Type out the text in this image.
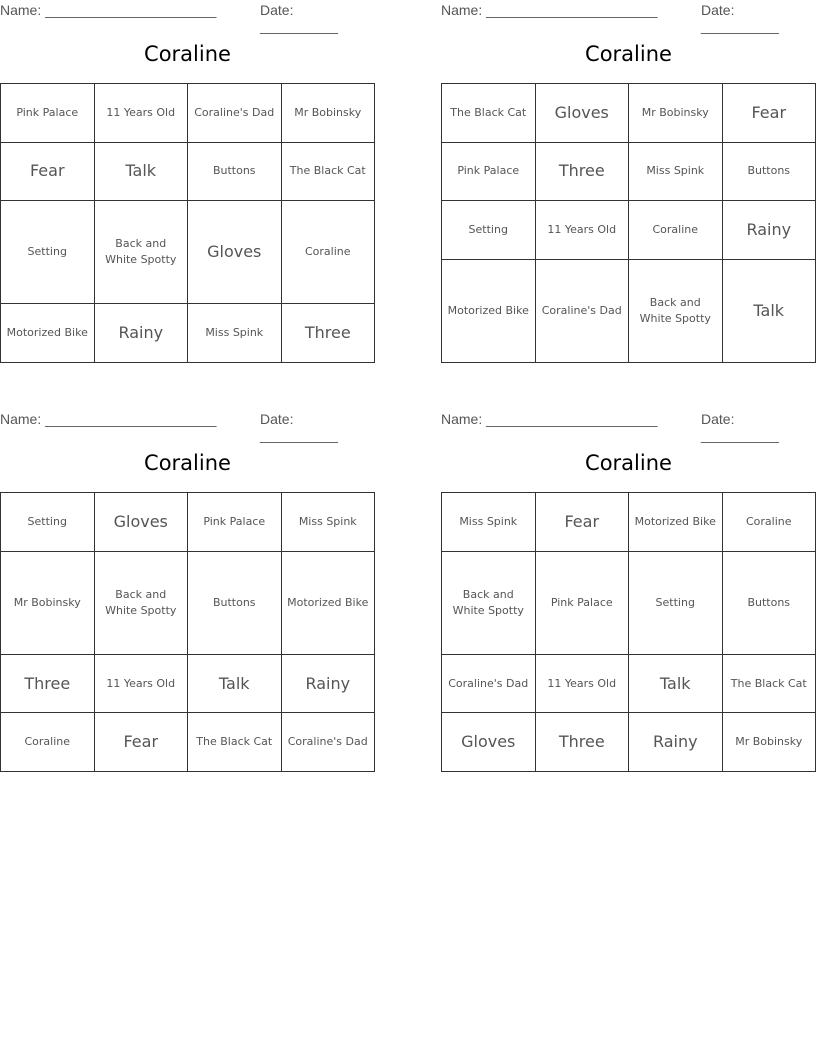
Name: ______________________	Date: __________
Coraline
Pink Palace	11 Years Old	Coraline's Dad	Mr Bobinsky
Fear	Talk	Buttons	The Black Cat
Setting	Back and White Spotty	Gloves	Coraline
Motorized Bike	Rainy	Miss Spink	Three
Name: ______________________	Date: __________
Coraline
The Black Cat	Gloves	Mr Bobinsky	Fear
Pink Palace	Three	Miss Spink	Buttons
Setting	11 Years Old	Coraline	Rainy
Motorized Bike	Coraline's Dad	Back and White Spotty	Talk
Name: ______________________	Date: __________
Coraline
Setting	Gloves	Pink Palace	Miss Spink
Mr Bobinsky	Back and White Spotty	Buttons	Motorized Bike
Three	11 Years Old	Talk	Rainy
Coraline	Fear	The Black Cat	Coraline's Dad
Name: ______________________	Date: __________
Coraline
Miss Spink	Fear	Motorized Bike	Coraline
Back and White Spotty	Pink Palace	Setting	Buttons
Coraline's Dad	11 Years Old	Talk	The Black Cat
Gloves	Three	Rainy	Mr Bobinsky
